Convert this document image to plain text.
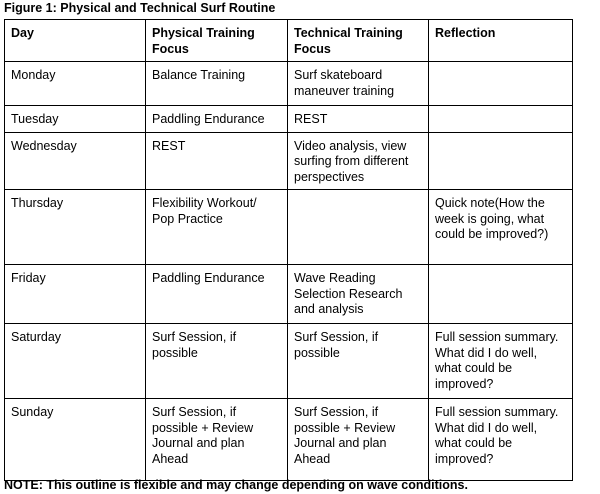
Figure 1: Physical and Technical Surf Routine
Day	Physical Training Focus	Technical Training Focus	Reflection

Monday	Balance Training	Surf skateboard maneuver training	

Tuesday	Paddling Endurance	REST	

Wednesday	REST	Video analysis, view surfing from different perspectives	

Thursday	Flexibility Workout/ Pop Practice		Quick note(How the week is going, what could be improved?)

Friday	Paddling Endurance	Wave Reading Selection Research and analysis	

Saturday	Surf Session, if possible	Surf Session, if possible	Full session summary. What did I do well, what could be improved?

Sunday	Surf Session, if possible + Review Journal and plan Ahead	Surf Session, if possible + Review Journal and plan Ahead	Full session summary. What did I do well, what could be improved?
NOTE: This outline is flexible and may change depending on wave conditions.
